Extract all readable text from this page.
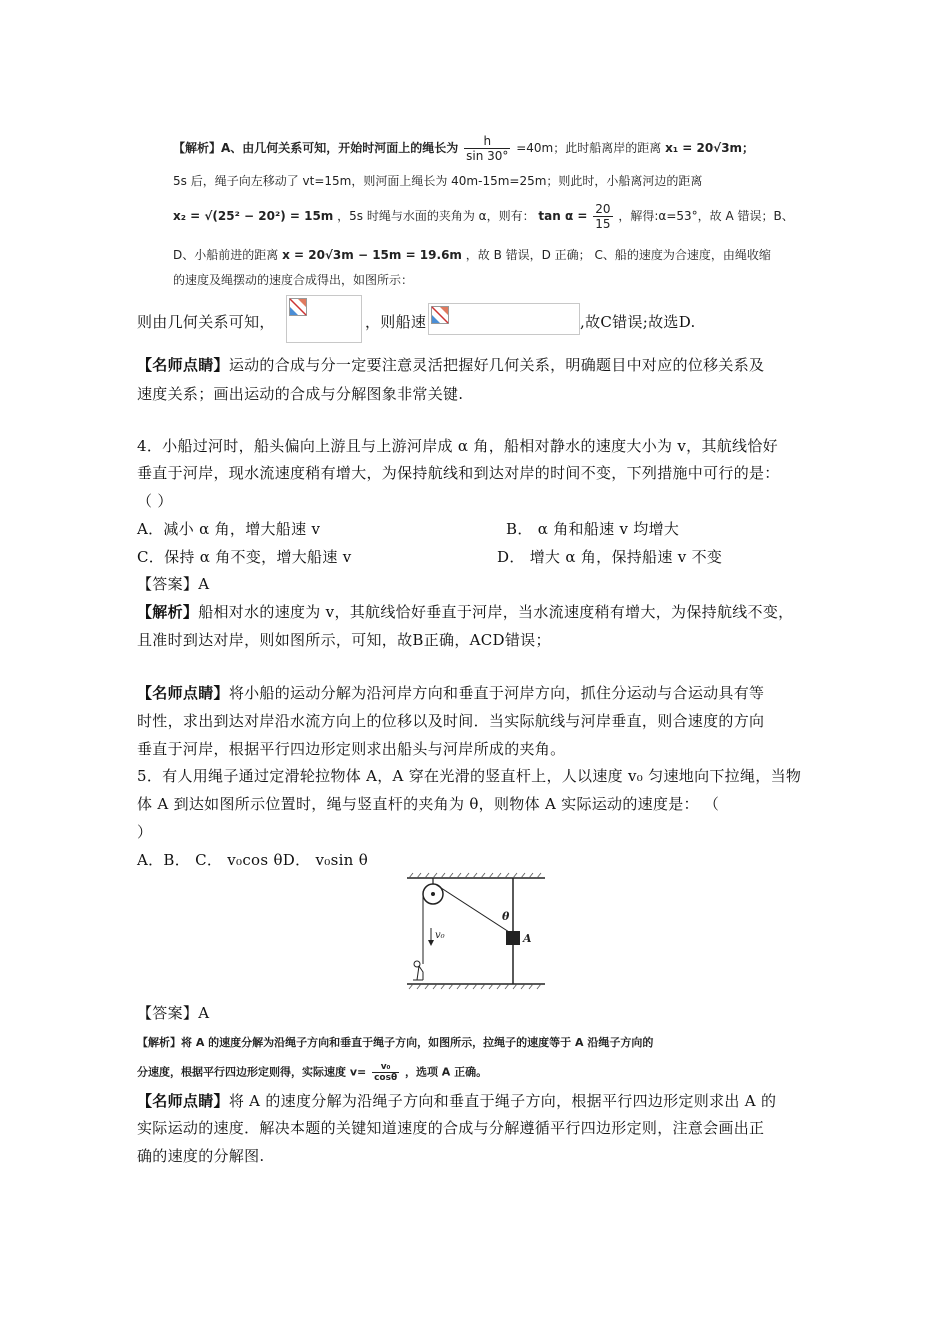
【解析】A、由几何关系可知，开始时河面上的绳长为 $\frac{h}{\sin 30^\circ} =40m$；此时船离岸的距离 x₁ = 20√3m；
5s 后，绳子向左移动了 vt=15m，则河面上绳长为 40m-15m=25m；则此时，小船离河边的距离
x₂ = √(25² − 20²) = 15m ，5s 时绳与水面的夹角为 α，则有： $\tan \alpha = \frac{20}{15}$ ，解得:α=53°，故 A 错误；B、
D、小船前进的距离 x = 20√3m − 15m = 19.6m ，故 B 错误，D 正确； C、船的速度为合速度，由绳收缩
的速度及绳摆动的速度合成得出，如图所示：
则由几何关系可知，	，则船速	,故C错误;故选D.
【名师点睛】运动的合成与分一定要注意灵活把握好几何关系，明确题目中对应的位移关系及
速度关系；画出运动的合成与分解图象非常关键.
4．小船过河时，船头偏向上游且与上游河岸成 α 角，船相对静水的速度大小为 v，其航线恰好
垂直于河岸，现水流速度稍有增大，为保持航线和到达对岸的时间不变，下列措施中可行的是：
（ ）
A．减小 α 角，增大船速 v	B． α 角和船速 v 均增大
C．保持 α 角不变，增大船速 v	D． 增大 α 角，保持船速 v 不变
【答案】A
【解析】船相对水的速度为 v，其航线恰好垂直于河岸，当水流速度稍有增大，为保持航线不变，
且准时到达对岸，则如图所示，可知，故B正确，ACD错误；
【名师点睛】将小船的运动分解为沿河岸方向和垂直于河岸方向，抓住分运动与合运动具有等
时性，求出到达对岸沿水流方向上的位移以及时间．当实际航线与河岸垂直，则合速度的方向
垂直于河岸，根据平行四边形定则求出船头与河岸所成的夹角。
5．有人用绳子通过定滑轮拉物体 A，A 穿在光滑的竖直杆上，人以速度 v₀ 匀速地向下拉绳，当物
体 A 到达如图所示位置时，绳与竖直杆的夹角为 θ，则物体 A 实际运动的速度是： （
）
A．B． C． v₀cos θD． v₀sin θ
θ
A
v₀
【答案】A
【解析】将 A 的速度分解为沿绳子方向和垂直于绳子方向，如图所示，拉绳子的速度等于 A 沿绳子方向的
分速度，根据平行四边形定则得，实际速度 $v= \frac{\text{v₀}}{\cos\theta}$ ，选项 A 正确。
【名师点睛】将 A 的速度分解为沿绳子方向和垂直于绳子方向，根据平行四边形定则求出 A 的
实际运动的速度．解决本题的关键知道速度的合成与分解遵循平行四边形定则，注意会画出正
确的速度的分解图.
